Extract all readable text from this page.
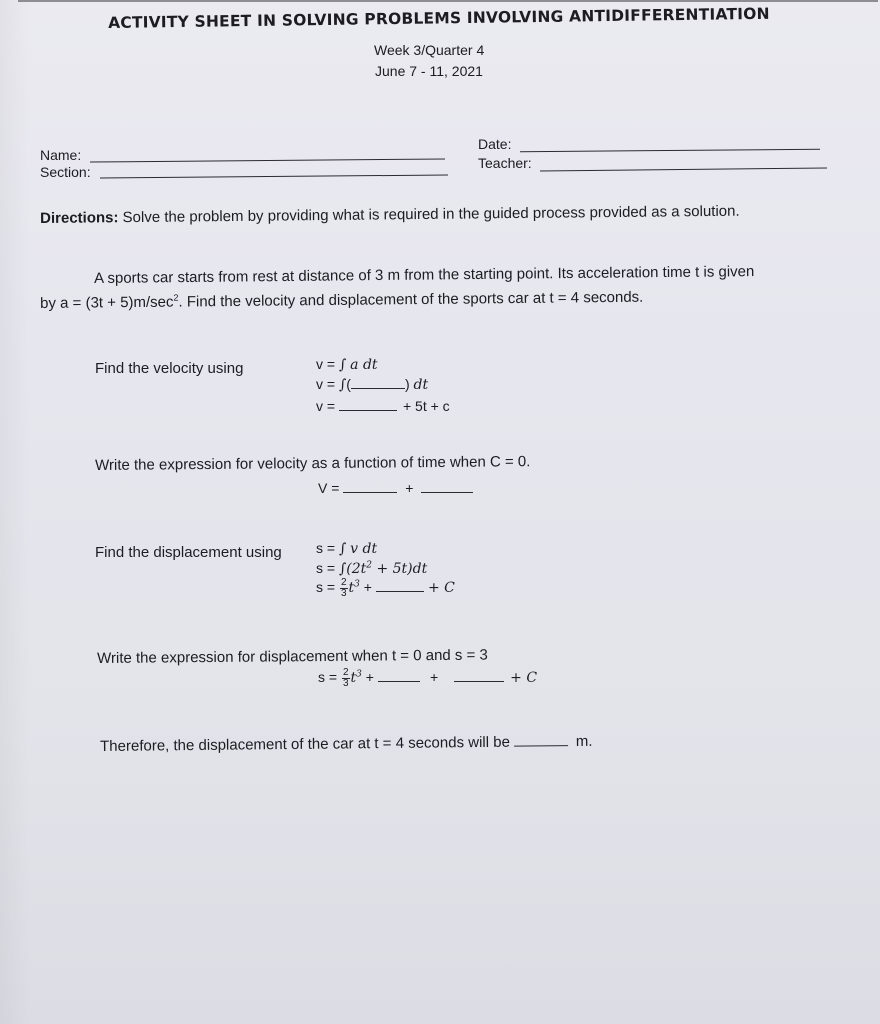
ACTIVITY SHEET IN SOLVING PROBLEMS INVOLVING ANTIDIFFERENTIATION
Week 3/Quarter 4
June 7 - 11, 2021
Name:
Section:
Date:
Teacher:
Directions: Solve the problem by providing what is required in the guided process provided as a solution.
A sports car starts from rest at distance of 3 m from the starting point. Its acceleration time t is given
by $a = (3t + 5)m/\sec^2$. Find the velocity and displacement of the sports car at t = 4 seconds.
Find the velocity using	v = ∫ a dt
v = ∫(	) dt
v =	+ 5t + c
Write the expression for velocity as a function of time when C = 0.
V =	+
Find the displacement using s = ∫ v dt
$s = \int(2t^2 + 5t)dt$
$s = \frac{2}{3} t^3$ +	+ C
Write the expression for displacement when t = 0 and s = 3
$s = \frac{2}{3} t^3$ +	+	+ C
Therefore, the displacement of the car at t = 4 seconds will be	m.
